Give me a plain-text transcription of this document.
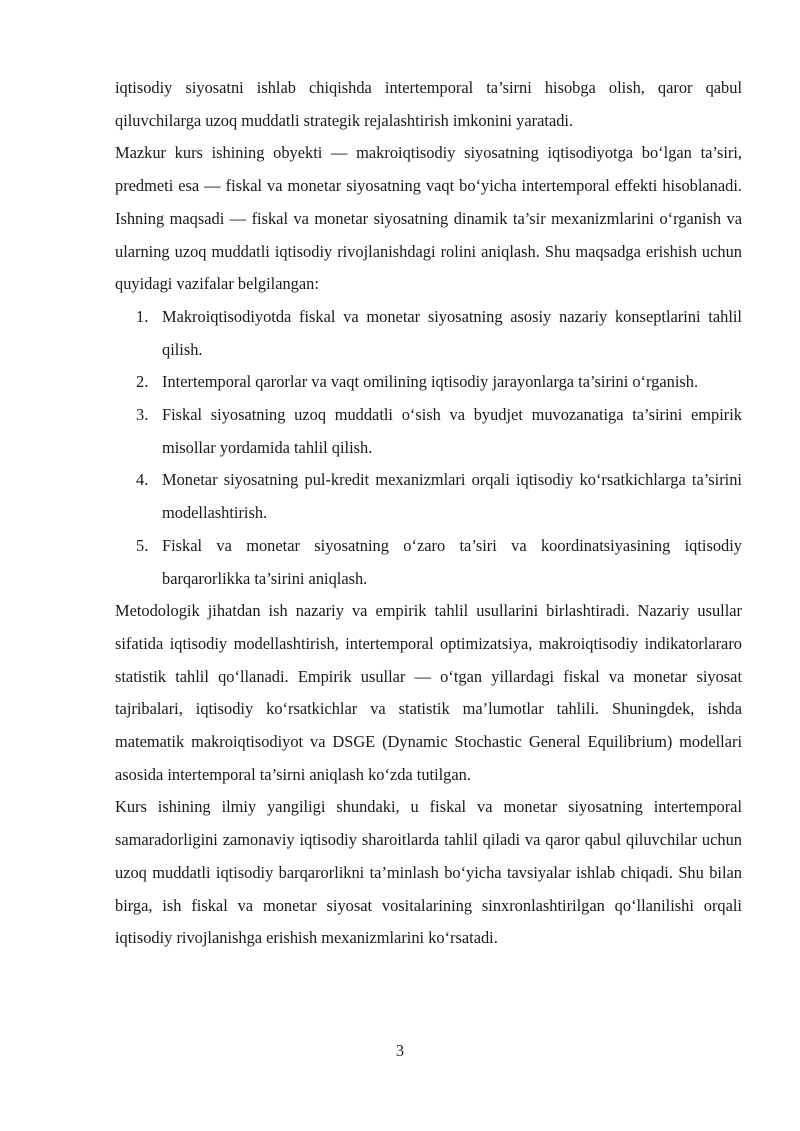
iqtisodiy siyosatni ishlab chiqishda intertemporal ta’sirni hisobga olish, qaror qabul qiluvchilarga uzoq muddatli strategik rejalashtirish imkonini yaratadi.

Mazkur kurs ishining obyekti — makroiqtisodiy siyosatning iqtisodiyotga bo‘lgan ta’siri, predmeti esa — fiskal va monetar siyosatning vaqt bo‘yicha intertemporal effekti hisoblanadi. Ishning maqsadi — fiskal va monetar siyosatning dinamik ta’sir mexanizmlarini o‘rganish va ularning uzoq muddatli iqtisodiy rivojlanishdagi rolini aniqlash. Shu maqsadga erishish uchun quyidagi vazifalar belgilangan:

1. Makroiqtisodiyotda fiskal va monetar siyosatning asosiy nazariy konseptlarini tahlil qilish.
2. Intertemporal qarorlar va vaqt omilining iqtisodiy jarayonlarga ta’sirini o‘rganish.
3. Fiskal siyosatning uzoq muddatli o‘sish va byudjet muvozanatiga ta’sirini empirik misollar yordamida tahlil qilish.
4. Monetar siyosatning pul-kredit mexanizmlari orqali iqtisodiy ko‘rsatkichlarga ta’sirini modellashtirish.
5. Fiskal va monetar siyosatning o‘zaro ta’siri va koordinatsiyasining iqtisodiy barqarorlikka ta’sirini aniqlash.

Metodologik jihatdan ish nazariy va empirik tahlil usullarini birlashtiradi. Nazariy usullar sifatida iqtisodiy modellashtirish, intertemporal optimizatsiya, makroiqtisodiy indikatorlararo statistik tahlil qo‘llanadi. Empirik usullar — o‘tgan yillardagi fiskal va monetar siyosat tajribalari, iqtisodiy ko‘rsatkichlar va statistik ma’lumotlar tahlili. Shuningdek, ishda matematik makroiqtisodiyot va DSGE (Dynamic Stochastic General Equilibrium) modellari asosida intertemporal ta’sirni aniqlash ko‘zda tutilgan.

Kurs ishining ilmiy yangiligi shundaki, u fiskal va monetar siyosatning intertemporal samaradorligini zamonaviy iqtisodiy sharoitlarda tahlil qiladi va qaror qabul qiluvchilar uchun uzoq muddatli iqtisodiy barqarorlikni ta’minlash bo‘yicha tavsiyalar ishlab chiqadi. Shu bilan birga, ish fiskal va monetar siyosat vositalarining sinxronlashtirilgan qo‘llanilishi orqali iqtisodiy rivojlanishga erishish mexanizmlarini ko‘rsatadi.

3
